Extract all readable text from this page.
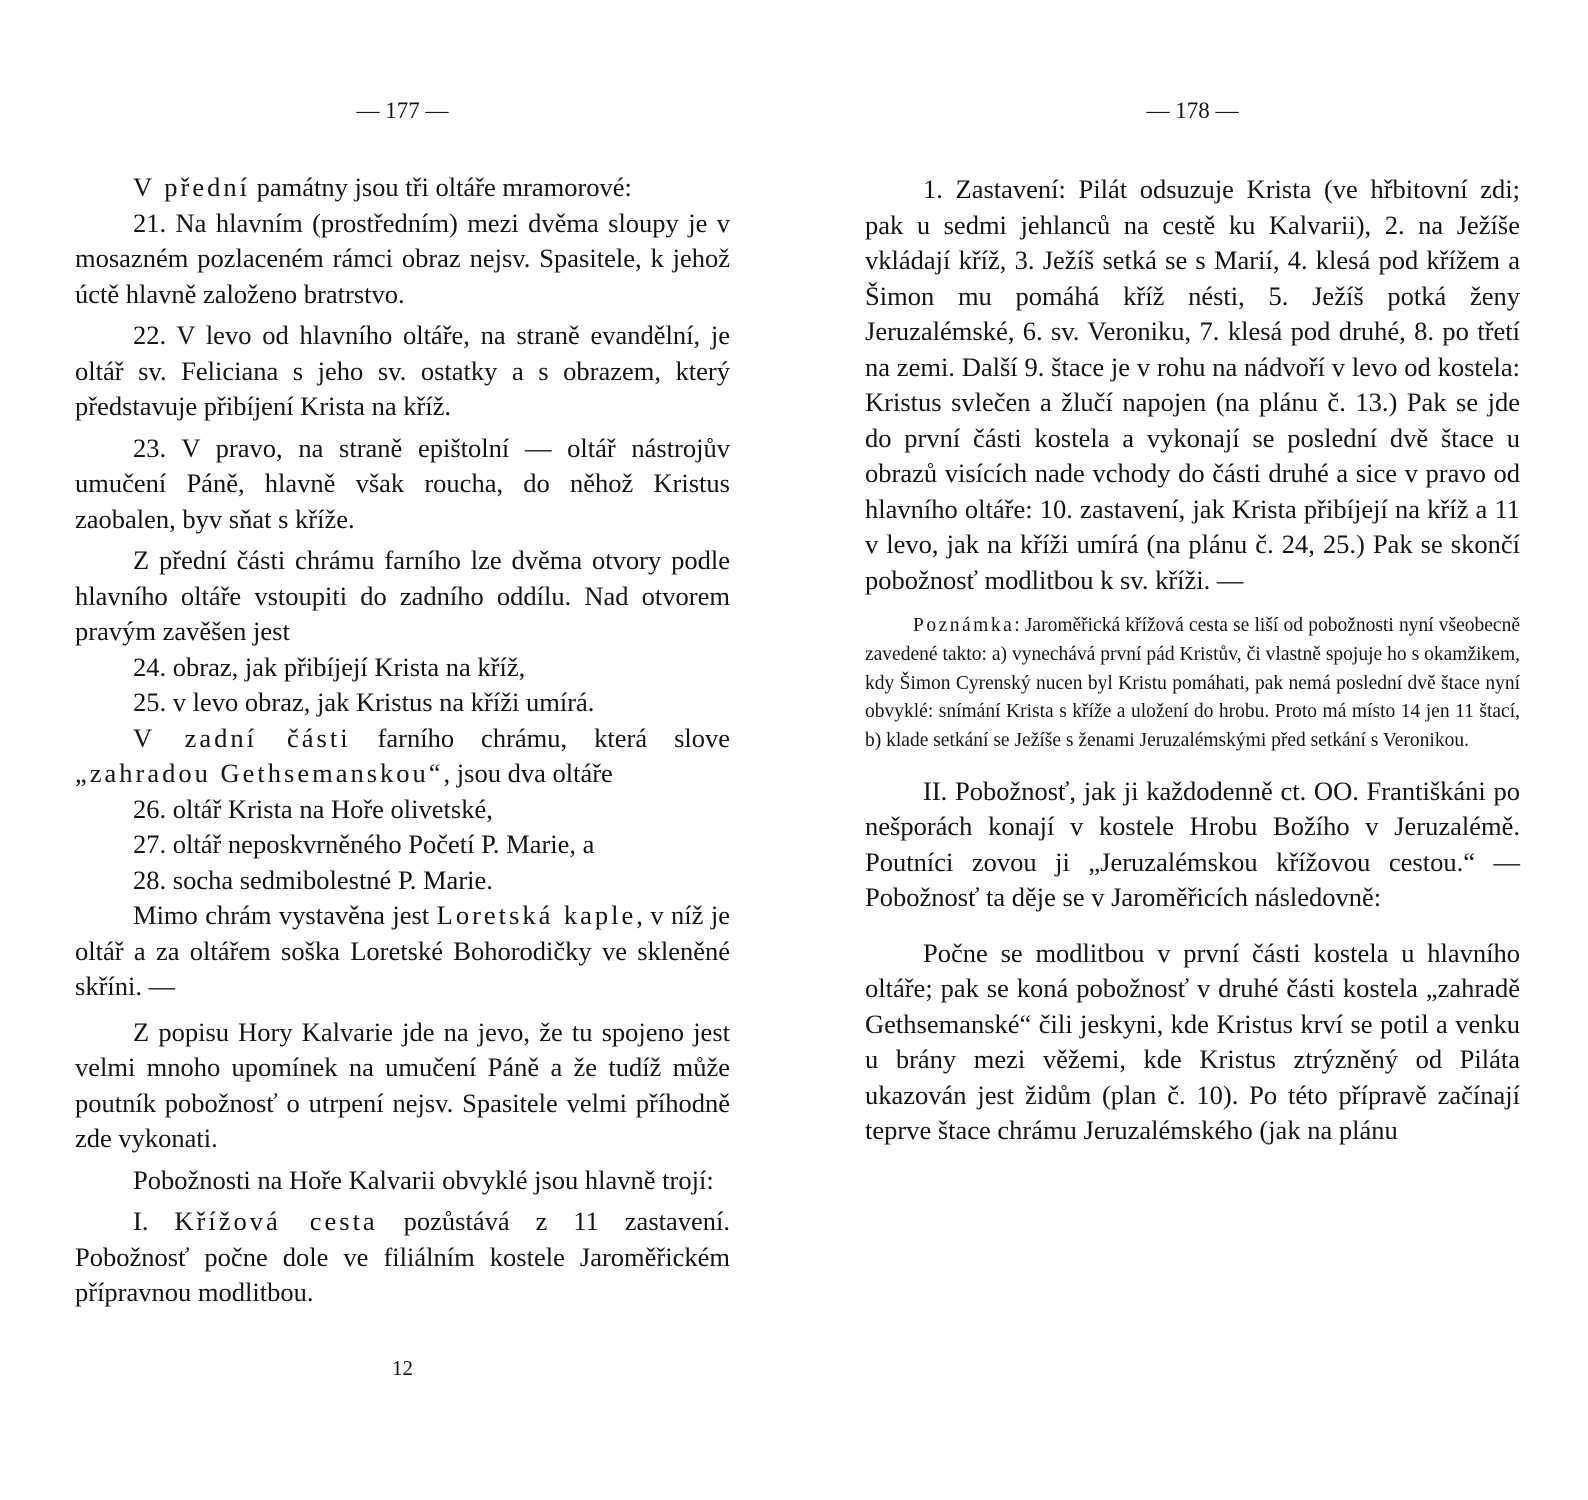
— 177 —

V přední památny jsou tři oltáře mramorové:

21. Na hlavním (prostředním) mezi dvěma sloupy je v mosazném pozlaceném rámci obraz nejsv. Spasitele, k jehož úctě hlavně založeno bratrstvo.

22. V levo od hlavního oltáře, na straně evandělní, je oltář sv. Feliciana s jeho sv. ostatky a s obrazem, který představuje přibíjení Krista na kříž.

23. V pravo, na straně epištolní — oltář nástrojův umučení Páně, hlavně však roucha, do něhož Kristus zaobalen, byv sňat s kříže.

Z přední části chrámu farního lze dvěma otvory podle hlavního oltáře vstoupiti do zadního oddílu. Nad otvorem pravým zavěšen jest

24. obraz, jak přibíjejí Krista na kříž,

25. v levo obraz, jak Kristus na kříži umírá.

V zadní části farního chrámu, která slove „zahradou Gethsemanskou“, jsou dva oltáře

26. oltář Krista na Hoře olivetské,

27. oltář neposkvrněného Početí P. Marie, a

28. socha sedmibolestné P. Marie.

Mimo chrám vystavěna jest Loretská kaple, v níž je oltář a za oltářem soška Loretské Bohorodičky ve skleněné skříni. —

Z popisu Hory Kalvarie jde na jevo, že tu spojeno jest velmi mnoho upomínek na umučení Páně a že tudíž může poutník pobožnosť o utrpení nejsv. Spasitele velmi příhodně zde vykonati.

Pobožnosti na Hoře Kalvarii obvyklé jsou hlavně trojí:

I. Křížová cesta pozůstává z 11 zastavení. Pobožnosť počne dole ve filiálním kostele Jaroměřickém přípravnou modlitbou.

12
— 178 —

1. Zastavení: Pilát odsuzuje Krista (ve hřbitovní zdi; pak u sedmi jehlanců na cestě ku Kalvarii), 2. na Ježíše vkládají kříž, 3. Ježíš setká se s Marií, 4. klesá pod křížem a Šimon mu pomáhá kříž nésti, 5. Ježíš potká ženy Jeruzalémské, 6. sv. Veroniku, 7. klesá pod druhé, 8. po třetí na zemi. Další 9. štace je v rohu na nádvoří v levo od kostela: Kristus svlečen a žlučí napojen (na plánu č. 13.) Pak se jde do první části kostela a vykonají se poslední dvě štace u obrazů visících nade vchody do části druhé a sice v pravo od hlavního oltáře: 10. zastavení, jak Krista přibíjejí na kříž a 11 v levo, jak na kříži umírá (na plánu č. 24, 25.) Pak se skončí pobožnosť modlitbou k sv. kříži. —

Poznámka: Jaroměřická křížová cesta se liší od pobožnosti nyní všeobecně zavedené takto: a) vynechává první pád Kristův, či vlastně spojuje ho s okamžikem, kdy Šimon Cyrenský nucen byl Kristu pomáhati, pak nemá poslední dvě štace nyní obvyklé: snímání Krista s kříže a uložení do hrobu. Proto má místo 14 jen 11 štací, b) klade setkání se Ježíše s ženami Jeruzalémskými před setkání s Veronikou.

II. Pobožnosť, jak ji každodenně ct. OO. Františkáni po nešporách konají v kostele Hrobu Božího v Jeruzalémě. Poutníci zovou ji „Jeruzalémskou křížovou cestou.“ — Pobožnosť ta děje se v Jaroměřicích následovně:

Počne se modlitbou v první části kostela u hlavního oltáře; pak se koná pobožnosť v druhé části kostela „zahradě Gethsemanské“ čili jeskyni, kde Kristus krví se potil a venku u brány mezi věžemi, kde Kristus ztrýzněný od Piláta ukazován jest židům (plan č. 10). Po této přípravě začínají teprve štace chrámu Jeruzalémského (jak na plánu
